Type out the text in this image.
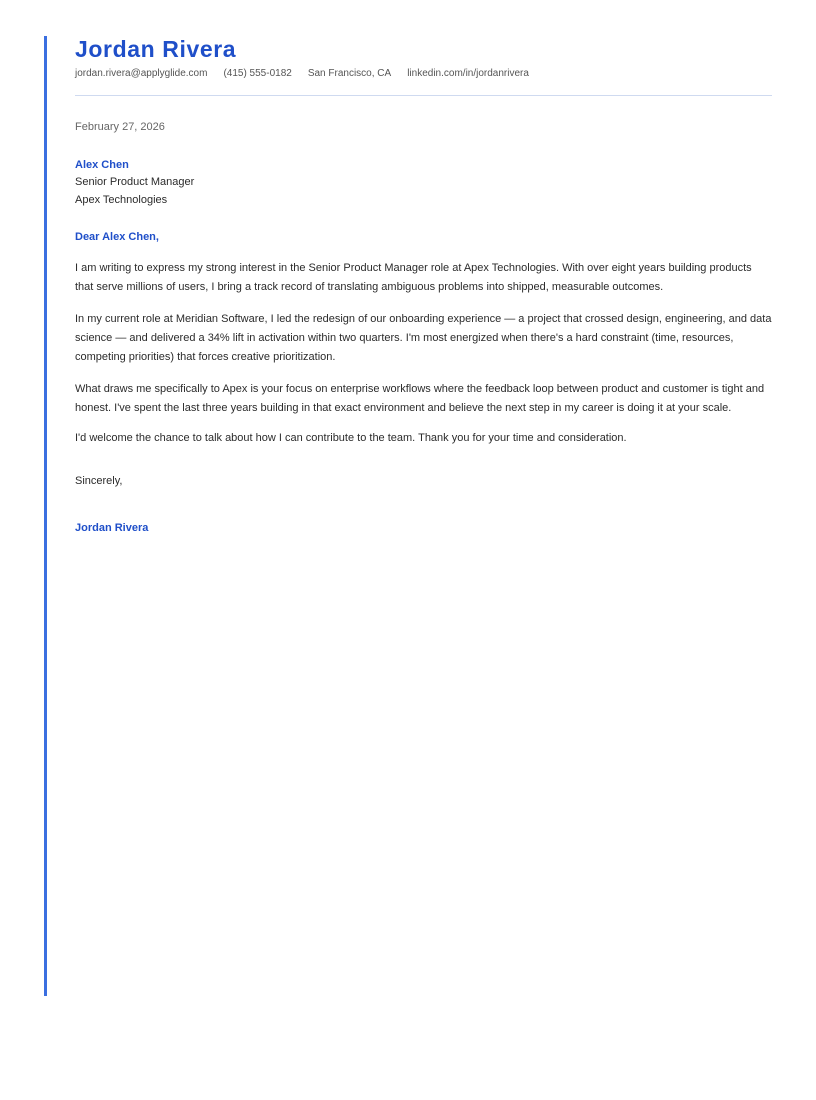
Jordan Rivera
jordan.rivera@applyglide.com (415) 555-0182 San Francisco, CA linkedin.com/in/jordanrivera
February 27, 2026
Alex Chen
Senior Product Manager
Apex Technologies
Dear Alex Chen,

I am writing to express my strong interest in the Senior Product Manager role at Apex Technologies. With over eight years building products
that serve millions of users, I bring a track record of translating ambiguous problems into shipped, measurable outcomes.

In my current role at Meridian Software, I led the redesign of our onboarding experience — a project that crossed design, engineering, and data
science — and delivered a 34% lift in activation within two quarters. I'm most energized when there's a hard constraint (time, resources,
competing priorities) that forces creative prioritization.

What draws me specifically to Apex is your focus on enterprise workflows where the feedback loop between product and customer is tight and
honest. I've spent the last three years building in that exact environment and believe the next step in my career is doing it at your scale.

I'd welcome the chance to talk about how I can contribute to the team. Thank you for your time and consideration.

Sincerely,
Jordan Rivera
